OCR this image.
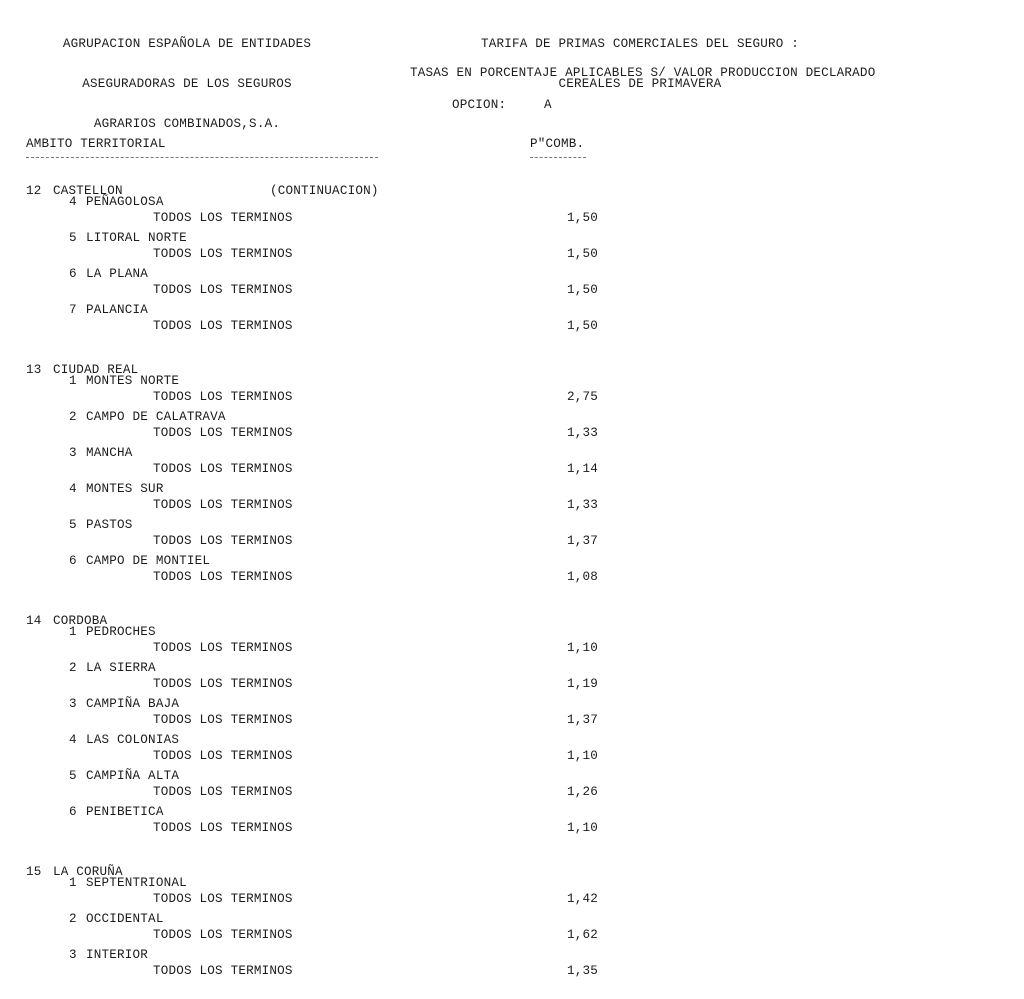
AGRUPACION ESPAÑOLA DE ENTIDADES

ASEGURADORAS DE LOS SEGUROS

AGRARIOS COMBINADOS,S.A.

TARIFA DE PRIMAS COMERCIALES DEL SEGURO :

CEREALES DE PRIMAVERA

TASAS EN PORCENTAJE APLICABLES S/ VALOR PRODUCCION DECLARADO
OPCION:	A
AMBITO TERRITORIAL	P"COMB.
12 CASTELLON	(CONTINUACION)
4 PEÑAGOLOSA
TODOS LOS TERMINOS	1,50
5 LITORAL NORTE
TODOS LOS TERMINOS	1,50
6 LA PLANA
TODOS LOS TERMINOS	1,50
7 PALANCIA
TODOS LOS TERMINOS	1,50
13 CIUDAD REAL
1 MONTES NORTE
TODOS LOS TERMINOS	2,75
2 CAMPO DE CALATRAVA
TODOS LOS TERMINOS	1,33
3 MANCHA
TODOS LOS TERMINOS	1,14
4 MONTES SUR
TODOS LOS TERMINOS	1,33
5 PASTOS
TODOS LOS TERMINOS	1,37
6 CAMPO DE MONTIEL
TODOS LOS TERMINOS	1,08
14 CORDOBA
1 PEDROCHES
TODOS LOS TERMINOS	1,10
2 LA SIERRA
TODOS LOS TERMINOS	1,19
3 CAMPIÑA BAJA
TODOS LOS TERMINOS	1,37
4 LAS COLONIAS
TODOS LOS TERMINOS	1,10
5 CAMPIÑA ALTA
TODOS LOS TERMINOS	1,26
6 PENIBETICA
TODOS LOS TERMINOS	1,10
15 LA CORUÑA
1 SEPTENTRIONAL
TODOS LOS TERMINOS	1,42
2 OCCIDENTAL
TODOS LOS TERMINOS	1,62
3 INTERIOR
TODOS LOS TERMINOS	1,35
